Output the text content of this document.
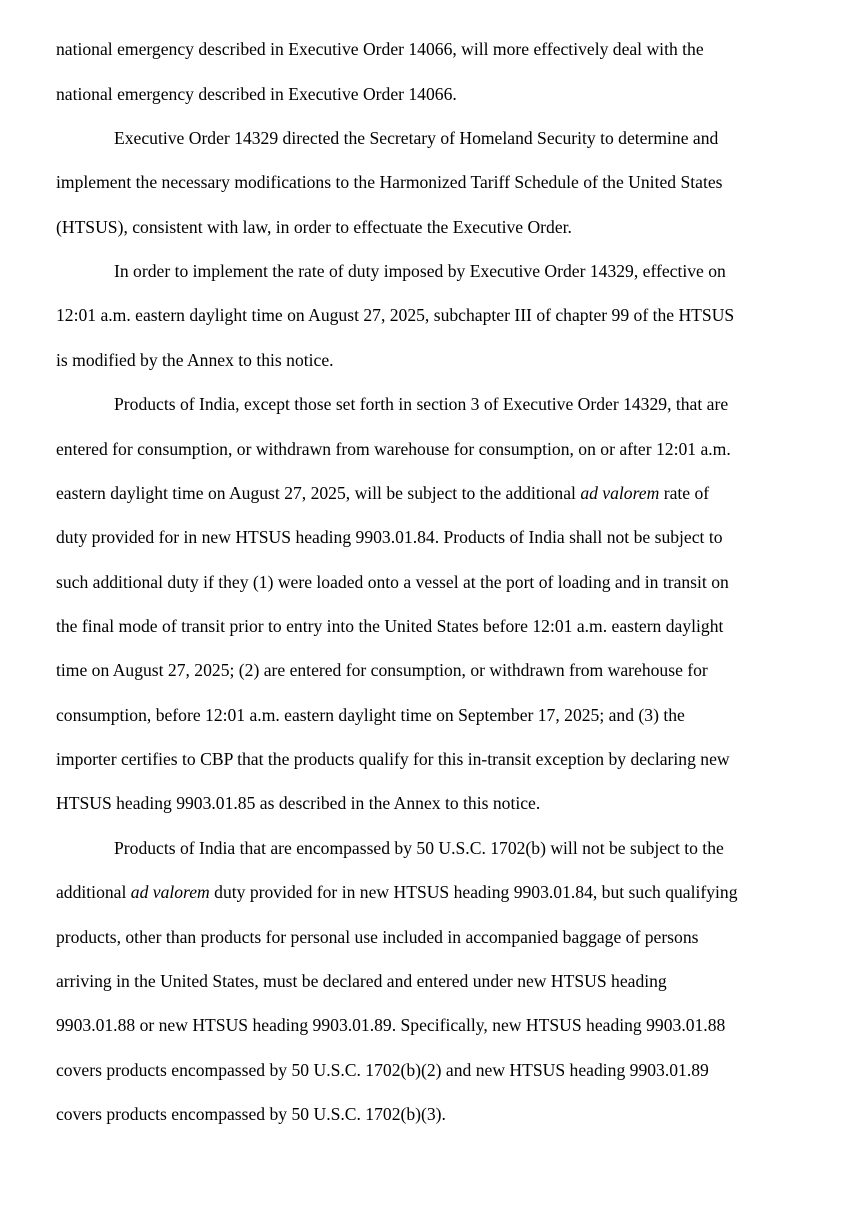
national emergency described in Executive Order 14066, will more effectively deal with the
national emergency described in Executive Order 14066.
Executive Order 14329 directed the Secretary of Homeland Security to determine and
implement the necessary modifications to the Harmonized Tariff Schedule of the United States
(HTSUS), consistent with law, in order to effectuate the Executive Order.
In order to implement the rate of duty imposed by Executive Order 14329, effective on
12:01 a.m. eastern daylight time on August 27, 2025, subchapter III of chapter 99 of the HTSUS
is modified by the Annex to this notice.
Products of India, except those set forth in section 3 of Executive Order 14329, that are
entered for consumption, or withdrawn from warehouse for consumption, on or after 12:01 a.m.
eastern daylight time on August 27, 2025, will be subject to the additional ad valorem rate of
duty provided for in new HTSUS heading 9903.01.84. Products of India shall not be subject to
such additional duty if they (1) were loaded onto a vessel at the port of loading and in transit on
the final mode of transit prior to entry into the United States before 12:01 a.m. eastern daylight
time on August 27, 2025; (2) are entered for consumption, or withdrawn from warehouse for
consumption, before 12:01 a.m. eastern daylight time on September 17, 2025; and (3) the
importer certifies to CBP that the products qualify for this in-transit exception by declaring new
HTSUS heading 9903.01.85 as described in the Annex to this notice.
Products of India that are encompassed by 50 U.S.C. 1702(b) will not be subject to the
additional ad valorem duty provided for in new HTSUS heading 9903.01.84, but such qualifying
products, other than products for personal use included in accompanied baggage of persons
arriving in the United States, must be declared and entered under new HTSUS heading
9903.01.88 or new HTSUS heading 9903.01.89. Specifically, new HTSUS heading 9903.01.88
covers products encompassed by 50 U.S.C. 1702(b)(2) and new HTSUS heading 9903.01.89
covers products encompassed by 50 U.S.C. 1702(b)(3).
